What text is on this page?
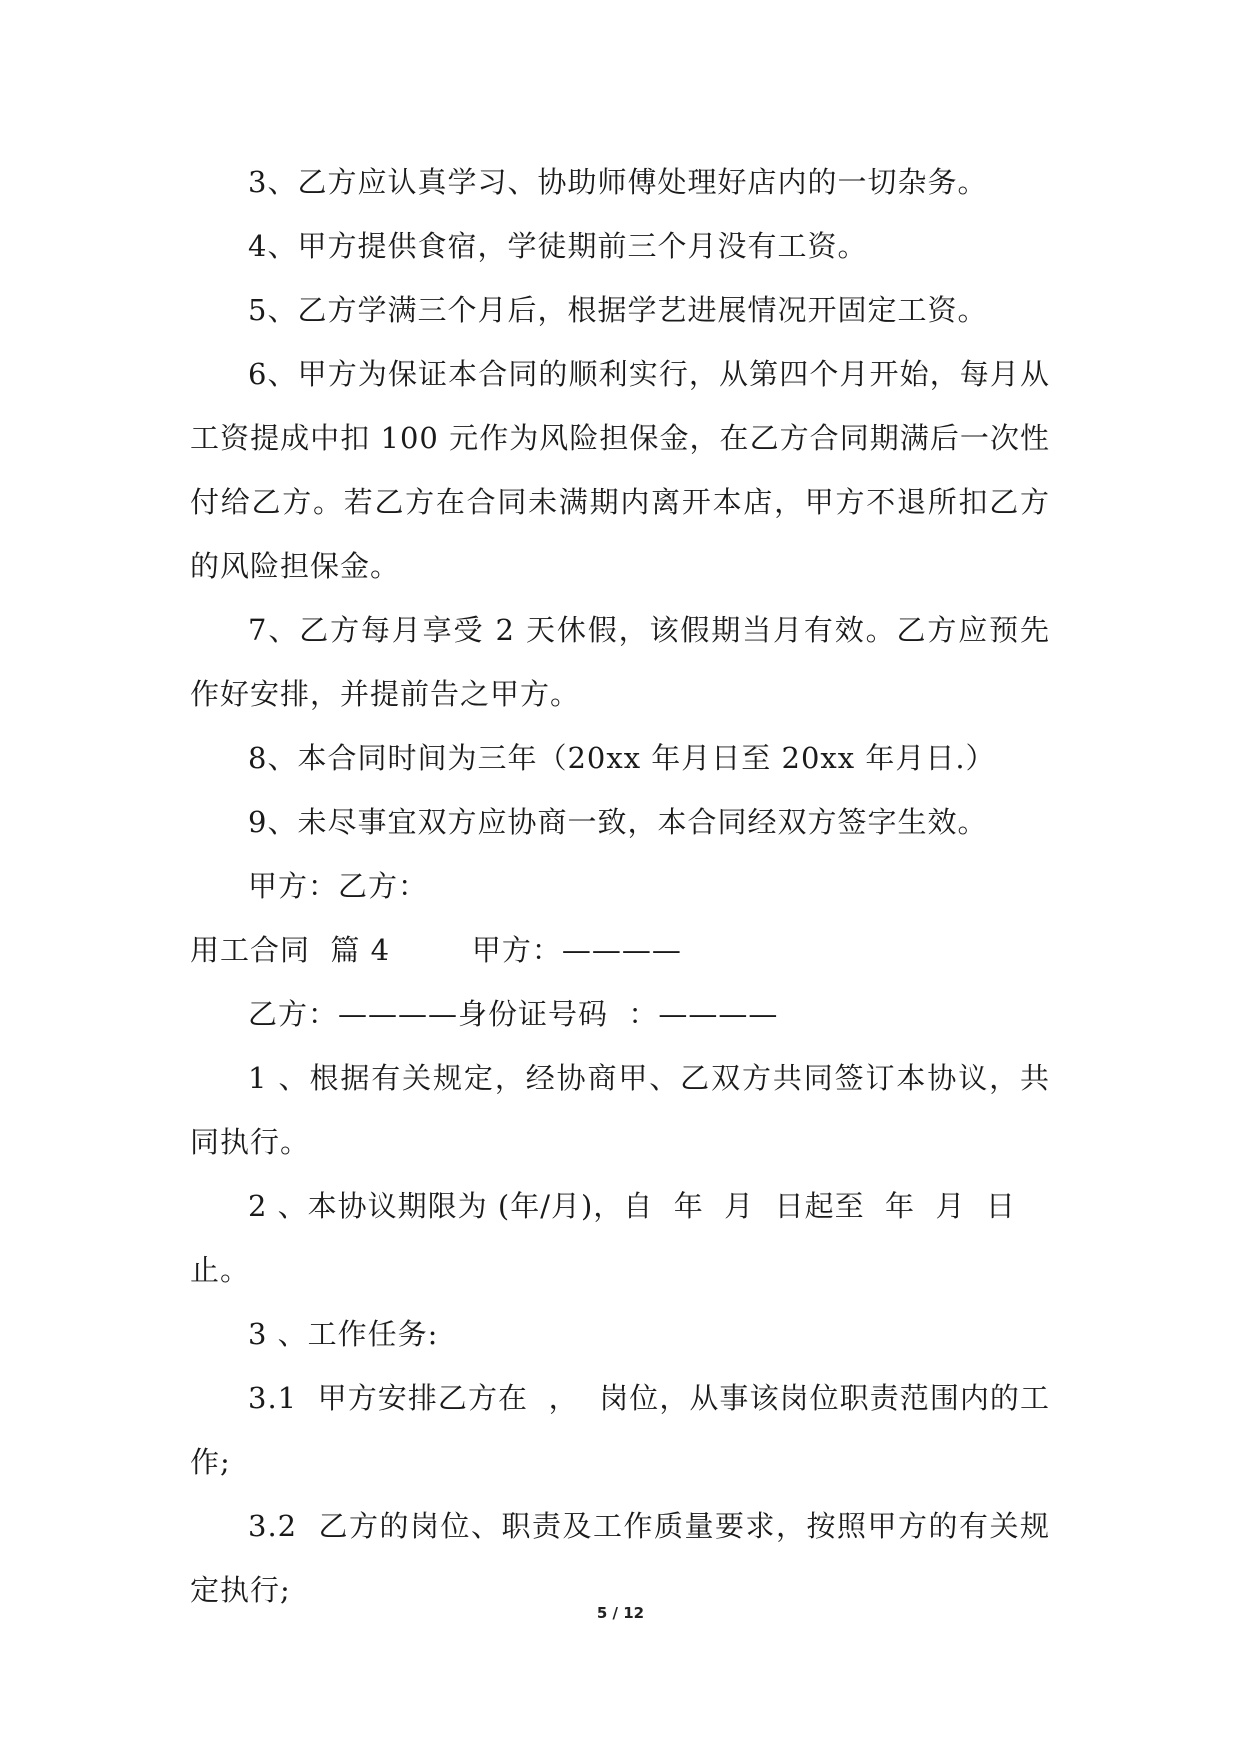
3、乙方应认真学习、协助师傅处理好店内的一切杂务。

4、甲方提供食宿，学徒期前三个月没有工资。

5、乙方学满三个月后，根据学艺进展情况开固定工资。

6、甲方为保证本合同的顺利实行，从第四个月开始，每月从工资提成中扣 100 元作为风险担保金，在乙方合同期满后一次性付给乙方。若乙方在合同未满期内离开本店，甲方不退所扣乙方的风险担保金。

7、乙方每月享受 2 天休假，该假期当月有效。乙方应预先作好安排，并提前告之甲方。

8、本合同时间为三年（20xx 年月日至 20xx 年月日.）

9、未尽事宜双方应协商一致，本合同经双方签字生效。

甲方：乙方：

用工合同  篇 4        甲方：————

乙方：————身份证号码  ：————

1 、根据有关规定，经协商甲、乙双方共同签订本协议，共同执行。

2 、本协议期限为 (年/月)，自  年  月  日起至  年  月  日止。

3 、工作任务:

3.1  甲方安排乙方在  ，  岗位，从事该岗位职责范围内的工作;

3.2  乙方的岗位、职责及工作质量要求，按照甲方的有关规定执行;

5 / 12
